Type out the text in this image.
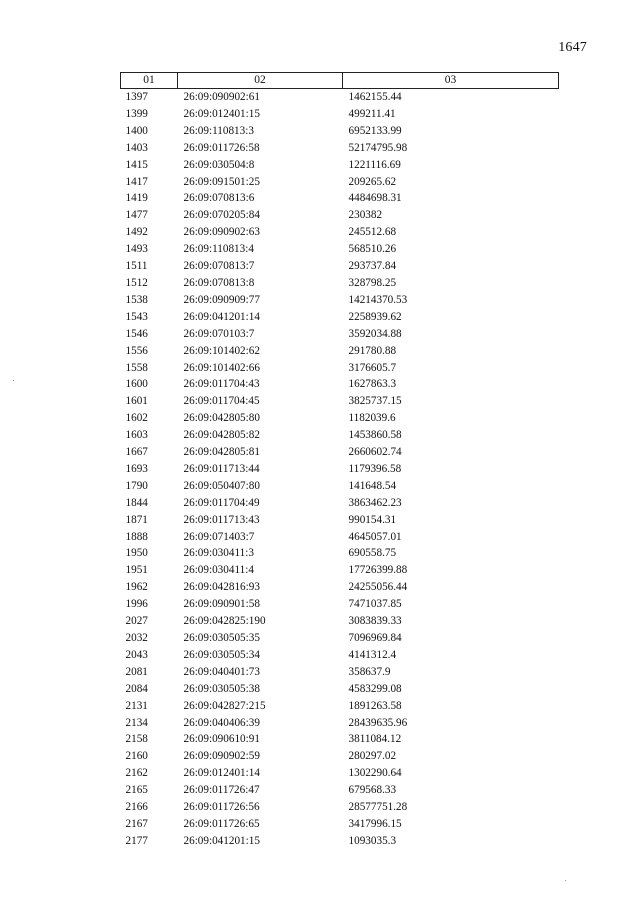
1647
01	02	03
1397	26:09:090902:61	1462155.44
1399	26:09:012401:15	499211.41
1400	26:09:110813:3	6952133.99
1403	26:09:011726:58	52174795.98
1415	26:09:030504:8	1221116.69
1417	26:09:091501:25	209265.62
1419	26:09:070813:6	4484698.31
1477	26:09:070205:84	230382
1492	26:09:090902:63	245512.68
1493	26:09:110813:4	568510.26
1511	26:09:070813:7	293737.84
1512	26:09:070813:8	328798.25
1538	26:09:090909:77	14214370.53
1543	26:09:041201:14	2258939.62
1546	26:09:070103:7	3592034.88
1556	26:09:101402:62	291780.88
1558	26:09:101402:66	3176605.7
1600	26:09:011704:43	1627863.3
1601	26:09:011704:45	3825737.15
1602	26:09:042805:80	1182039.6
1603	26:09:042805:82	1453860.58
1667	26:09:042805:81	2660602.74
1693	26:09:011713:44	1179396.58
1790	26:09:050407:80	141648.54
1844	26:09:011704:49	3863462.23
1871	26:09:011713:43	990154.31
1888	26:09:071403:7	4645057.01
1950	26:09:030411:3	690558.75
1951	26:09:030411:4	17726399.88
1962	26:09:042816:93	24255056.44
1996	26:09:090901:58	7471037.85
2027	26:09:042825:190	3083839.33
2032	26:09:030505:35	7096969.84
2043	26:09:030505:34	4141312.4
2081	26:09:040401:73	358637.9
2084	26:09:030505:38	4583299.08
2131	26:09:042827:215	1891263.58
2134	26:09:040406:39	28439635.96
2158	26:09:090610:91	3811084.12
2160	26:09:090902:59	280297.02
2162	26:09:012401:14	1302290.64
2165	26:09:011726:47	679568.33
2166	26:09:011726:56	28577751.28
2167	26:09:011726:65	3417996.15
2177	26:09:041201:15	1093035.3
